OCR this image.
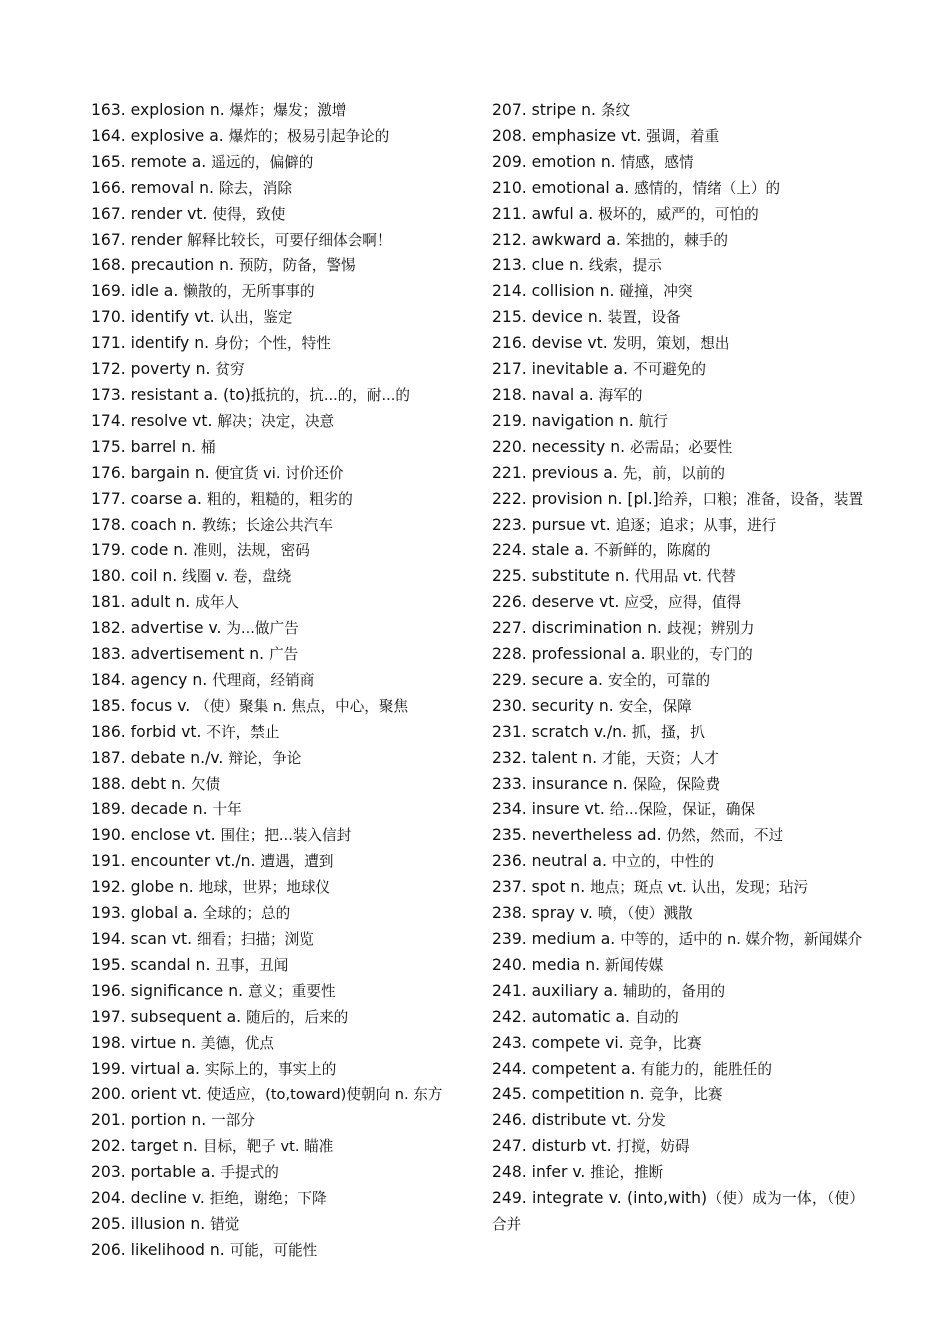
163. explosion n. 爆炸；爆发；激增
164. explosive a. 爆炸的；极易引起争论的
165. remote a. 遥远的，偏僻的
166. removal n. 除去，消除
167. render vt. 使得，致使
167. render 解释比较长，可要仔细体会啊！
168. precaution n. 预防，防备，警惕
169. idle a. 懒散的，无所事事的
170. identify vt. 认出，鉴定
171. identify n. 身份；个性，特性
172. poverty n. 贫穷
173. resistant a. (to)抵抗的，抗...的，耐...的
174. resolve vt. 解决；决定，决意
175. barrel n. 桶
176. bargain n. 便宜货 vi. 讨价还价
177. coarse a. 粗的，粗糙的，粗劣的
178. coach n. 教练；长途公共汽车
179. code n. 准则，法规，密码
180. coil n. 线圈 v. 卷，盘绕
181. adult n. 成年人
182. advertise v. 为...做广告
183. advertisement n. 广告
184. agency n. 代理商，经销商
185. focus v. （使）聚集 n. 焦点，中心，聚焦
186. forbid vt. 不许，禁止
187. debate n./v. 辩论，争论
188. debt n. 欠债
189. decade n. 十年
190. enclose vt. 围住；把...装入信封
191. encounter vt./n. 遭遇，遭到
192. globe n. 地球，世界；地球仪
193. global a. 全球的；总的
194. scan vt. 细看；扫描；浏览
195. scandal n. 丑事，丑闻
196. significance n. 意义；重要性
197. subsequent a. 随后的，后来的
198. virtue n. 美德，优点
199. virtual a. 实际上的，事实上的
200. orient vt. 使适应，(to,toward)使朝向 n. 东方
201. portion n. 一部分
202. target n. 目标，靶子 vt. 瞄准
203. portable a. 手提式的
204. decline v. 拒绝，谢绝；下降
205. illusion n. 错觉
206. likelihood n. 可能，可能性
207. stripe n. 条纹
208. emphasize vt. 强调，着重
209. emotion n. 情感，感情
210. emotional a. 感情的，情绪（上）的
211. awful a. 极坏的，威严的，可怕的
212. awkward a. 笨拙的，棘手的
213. clue n. 线索，提示
214. collision n. 碰撞，冲突
215. device n. 装置，设备
216. devise vt. 发明，策划，想出
217. inevitable a. 不可避免的
218. naval a. 海军的
219. navigation n. 航行
220. necessity n. 必需品；必要性
221. previous a. 先，前，以前的
222. provision n. [pl.]给养，口粮；准备，设备，装置
223. pursue vt. 追逐；追求；从事，进行
224. stale a. 不新鲜的，陈腐的
225. substitute n. 代用品 vt. 代替
226. deserve vt. 应受，应得，值得
227. discrimination n. 歧视；辨别力
228. professional a. 职业的，专门的
229. secure a. 安全的，可靠的
230. security n. 安全，保障
231. scratch v./n. 抓，搔，扒
232. talent n. 才能，天资；人才
233. insurance n. 保险，保险费
234. insure vt. 给...保险，保证，确保
235. nevertheless ad. 仍然，然而，不过
236. neutral a. 中立的，中性的
237. spot n. 地点；斑点 vt. 认出，发现；玷污
238. spray v. 喷，（使）溅散
239. medium a. 中等的，适中的 n. 媒介物，新闻媒介
240. media n. 新闻传媒
241. auxiliary a. 辅助的，备用的
242. automatic a. 自动的
243. compete vi. 竞争，比赛
244. competent a. 有能力的，能胜任的
245. competition n. 竞争，比赛
246. distribute vt. 分发
247. disturb vt. 打搅，妨碍
248. infer v. 推论，推断
249. integrate v. (into,with)（使）成为一体，（使）合并
